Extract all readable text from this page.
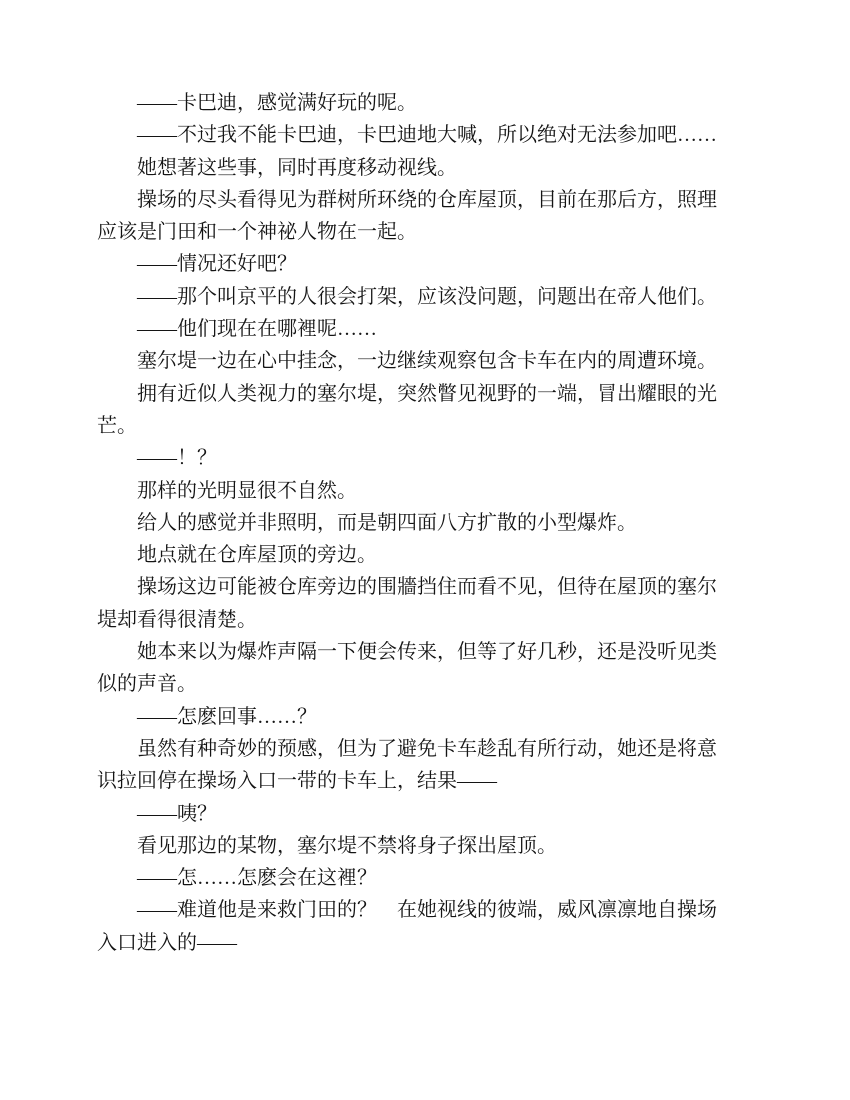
——卡巴迪，感觉满好玩的呢。
——不过我不能卡巴迪，卡巴迪地大喊，所以绝对无法参加吧……
她想著这些事，同时再度移动视线。
操场的尽头看得见为群树所环绕的仓库屋顶，目前在那后方，照理
应该是门田和一个神祕人物在一起。
——情况还好吧？
——那个叫京平的人很会打架，应该没问题，问题出在帝人他们。
——他们现在在哪裡呢……
塞尔堤一边在心中挂念，一边继续观察包含卡车在内的周遭环境。
拥有近似人类视力的塞尔堤，突然瞥见视野的一端，冒出耀眼的光
芒。
——！？
那样的光明显很不自然。
给人的感觉并非照明，而是朝四面八方扩散的小型爆炸。
地点就在仓库屋顶的旁边。
操场这边可能被仓库旁边的围牆挡住而看不见，但待在屋顶的塞尔
堤却看得很清楚。
她本来以为爆炸声隔一下便会传来，但等了好几秒，还是没听见类
似的声音。
——怎麽回事……？
虽然有种奇妙的预感，但为了避免卡车趁乱有所行动，她还是将意
识拉回停在操场入口一带的卡车上，结果——
——咦？
看见那边的某物，塞尔堤不禁将身子探出屋顶。
——怎……怎麽会在这裡？
——难道他是来救门田的？　在她视线的彼端，威风凛凛地自操场
入口进入的——
